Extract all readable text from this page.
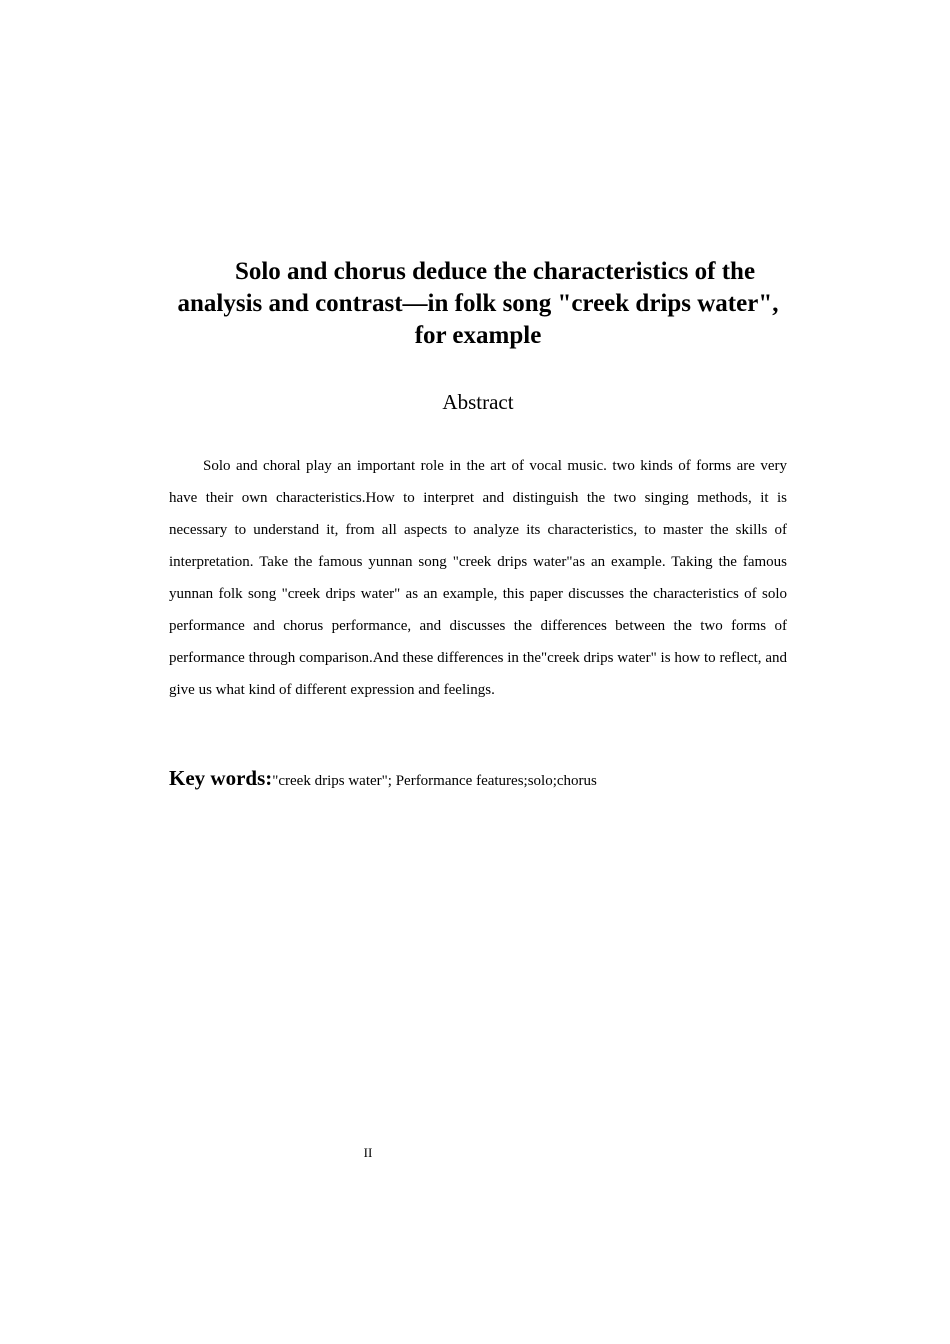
Solo and chorus deduce the characteristics of the analysis and contrast—in folk song "creek drips water", for example
Abstract

Solo and choral play an important role in the art of vocal music. two kinds of forms are very have their own characteristics.How to interpret and distinguish the two singing methods, it is necessary to understand it, from all aspects to analyze its characteristics, to master the skills of interpretation. Take the famous yunnan song "creek drips water"as an example. Taking the famous yunnan folk song "creek drips water" as an example, this paper discusses the characteristics of solo performance and chorus performance, and discusses the differences between the two forms of performance through comparison.And these differences in the"creek drips water" is how to reflect, and give us what kind of different expression and feelings.

Key words:"creek drips water"; Performance features;solo;chorus

II
